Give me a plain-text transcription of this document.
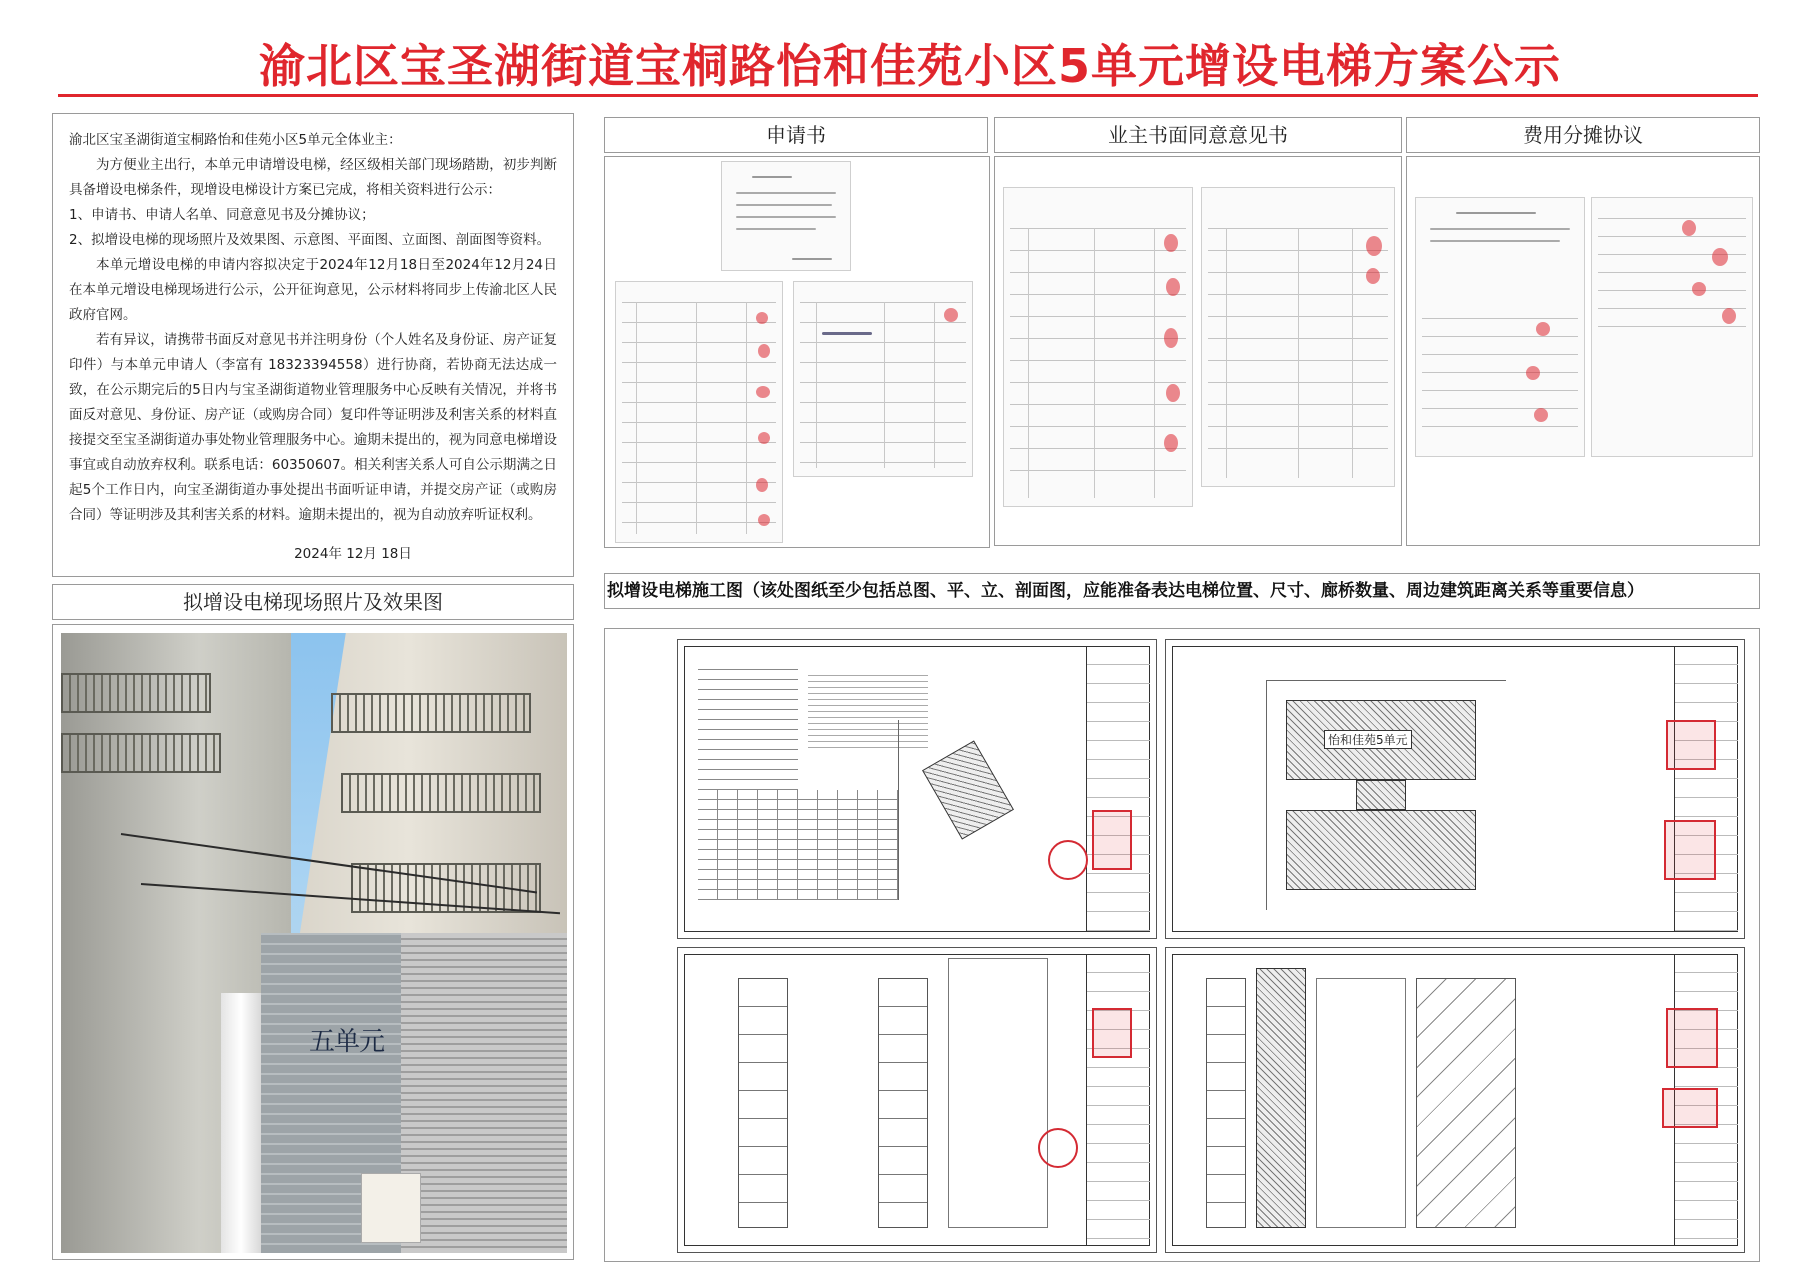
渝北区宝圣湖街道宝桐路怡和佳苑小区5单元增设电梯方案公示

渝北区宝圣湖街道宝桐路怡和佳苑小区5单元全体业主：

为方便业主出行，本单元申请增设电梯，经区级相关部门现场踏勘，初步判断具备增设电梯条件，现增设电梯设计方案已完成，将相关资料进行公示：

1、申请书、申请人名单、同意意见书及分摊协议；

2、拟增设电梯的现场照片及效果图、示意图、平面图、立面图、剖面图等资料。

本单元增设电梯的申请内容拟决定于2024年12月18日至2024年12月24日在本单元增设电梯现场进行公示，公开征询意见，公示材料将同步上传渝北区人民政府官网。

若有异议，请携带书面反对意见书并注明身份（个人姓名及身份证、房产证复印件）与本单元申请人（李富有 18323394558）进行协商，若协商无法达成一致，在公示期完后的5日内与宝圣湖街道物业管理服务中心反映有关情况，并将书面反对意见、身份证、房产证（或购房合同）复印件等证明涉及利害关系的材料直接提交至宝圣湖街道办事处物业管理服务中心。逾期未提出的，视为同意电梯增设事宜或自动放弃权利。联系电话：60350607。相关利害关系人可自公示期满之日起5个工作日内，向宝圣湖街道办事处提出书面听证申请，并提交房产证（或购房合同）等证明涉及其利害关系的材料。逾期未提出的，视为自动放弃听证权利。

2024年 12月 18日

拟增设电梯现场照片及效果图
申请书	业主书面同意意见书	费用分摊协议
拟增设电梯施工图（该处图纸至少包括总图、平、立、剖面图，应能准备表达电梯位置、尺寸、廊桥数量、周边建筑距离关系等重要信息）
五单元
怡和佳苑5单元
